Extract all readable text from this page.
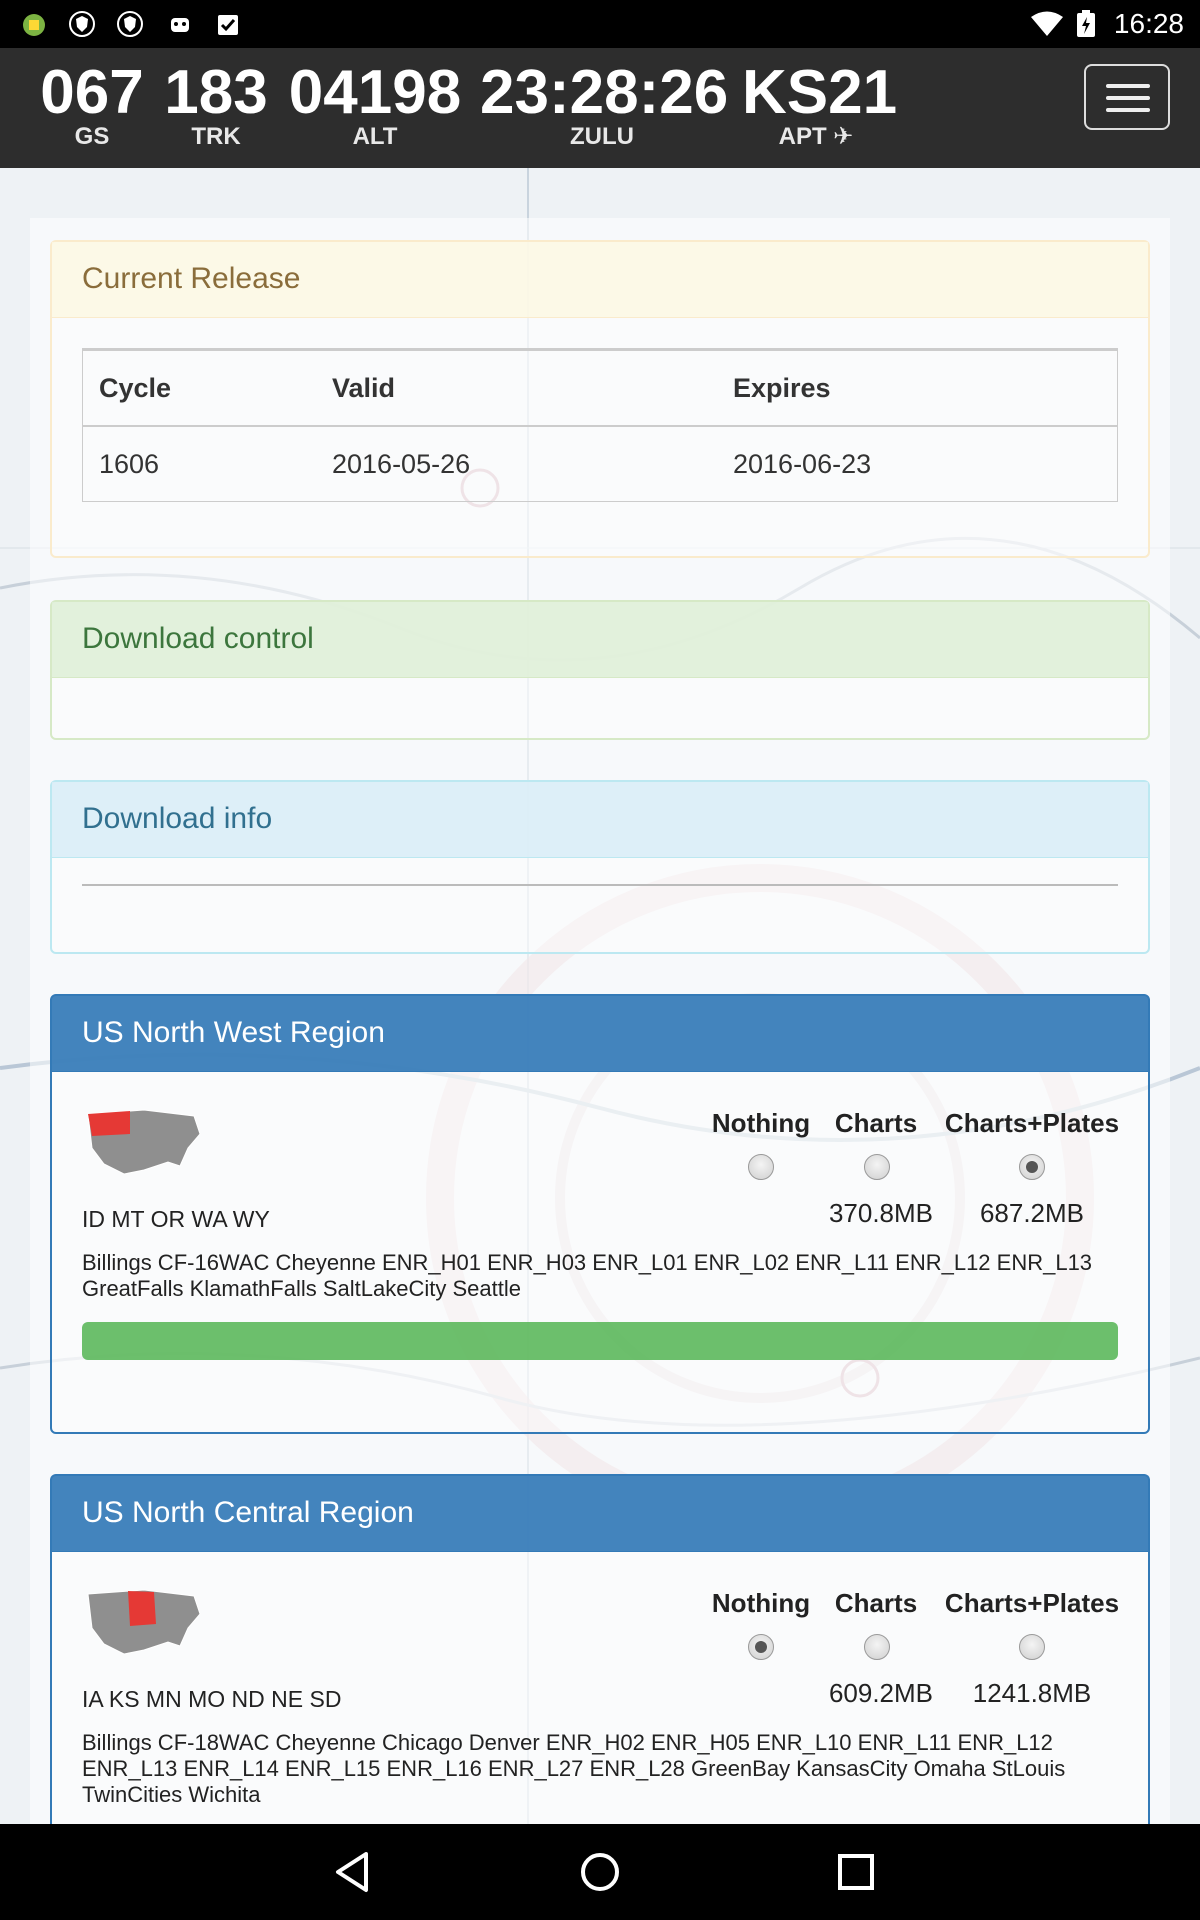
16:28
067
GS
183
TRK
04198
ALT
23:28:26
ZULU
KS21
APT ✈
Current Release
Cycle	Valid	Expires
1606	2016-05-26	2016-06-23
Download control
Download info
US North West Region
ID MT OR WA WY
Nothing Charts	Charts+Plates
370.8MB	687.2MB
Billings CF-16WAC Cheyenne ENR_H01 ENR_H03 ENR_L01 ENR_L02 ENR_L11 ENR_L12 ENR_L13 GreatFalls KlamathFalls SaltLakeCity Seattle
US North Central Region
IA KS MN MO ND NE SD
Nothing Charts	Charts+Plates
609.2MB	1241.8MB
Billings CF-18WAC Cheyenne Chicago Denver ENR_H02 ENR_H05 ENR_L10 ENR_L11 ENR_L12 ENR_L13 ENR_L14 ENR_L15 ENR_L16 ENR_L27 ENR_L28 GreenBay KansasCity Omaha StLouis TwinCities Wichita
